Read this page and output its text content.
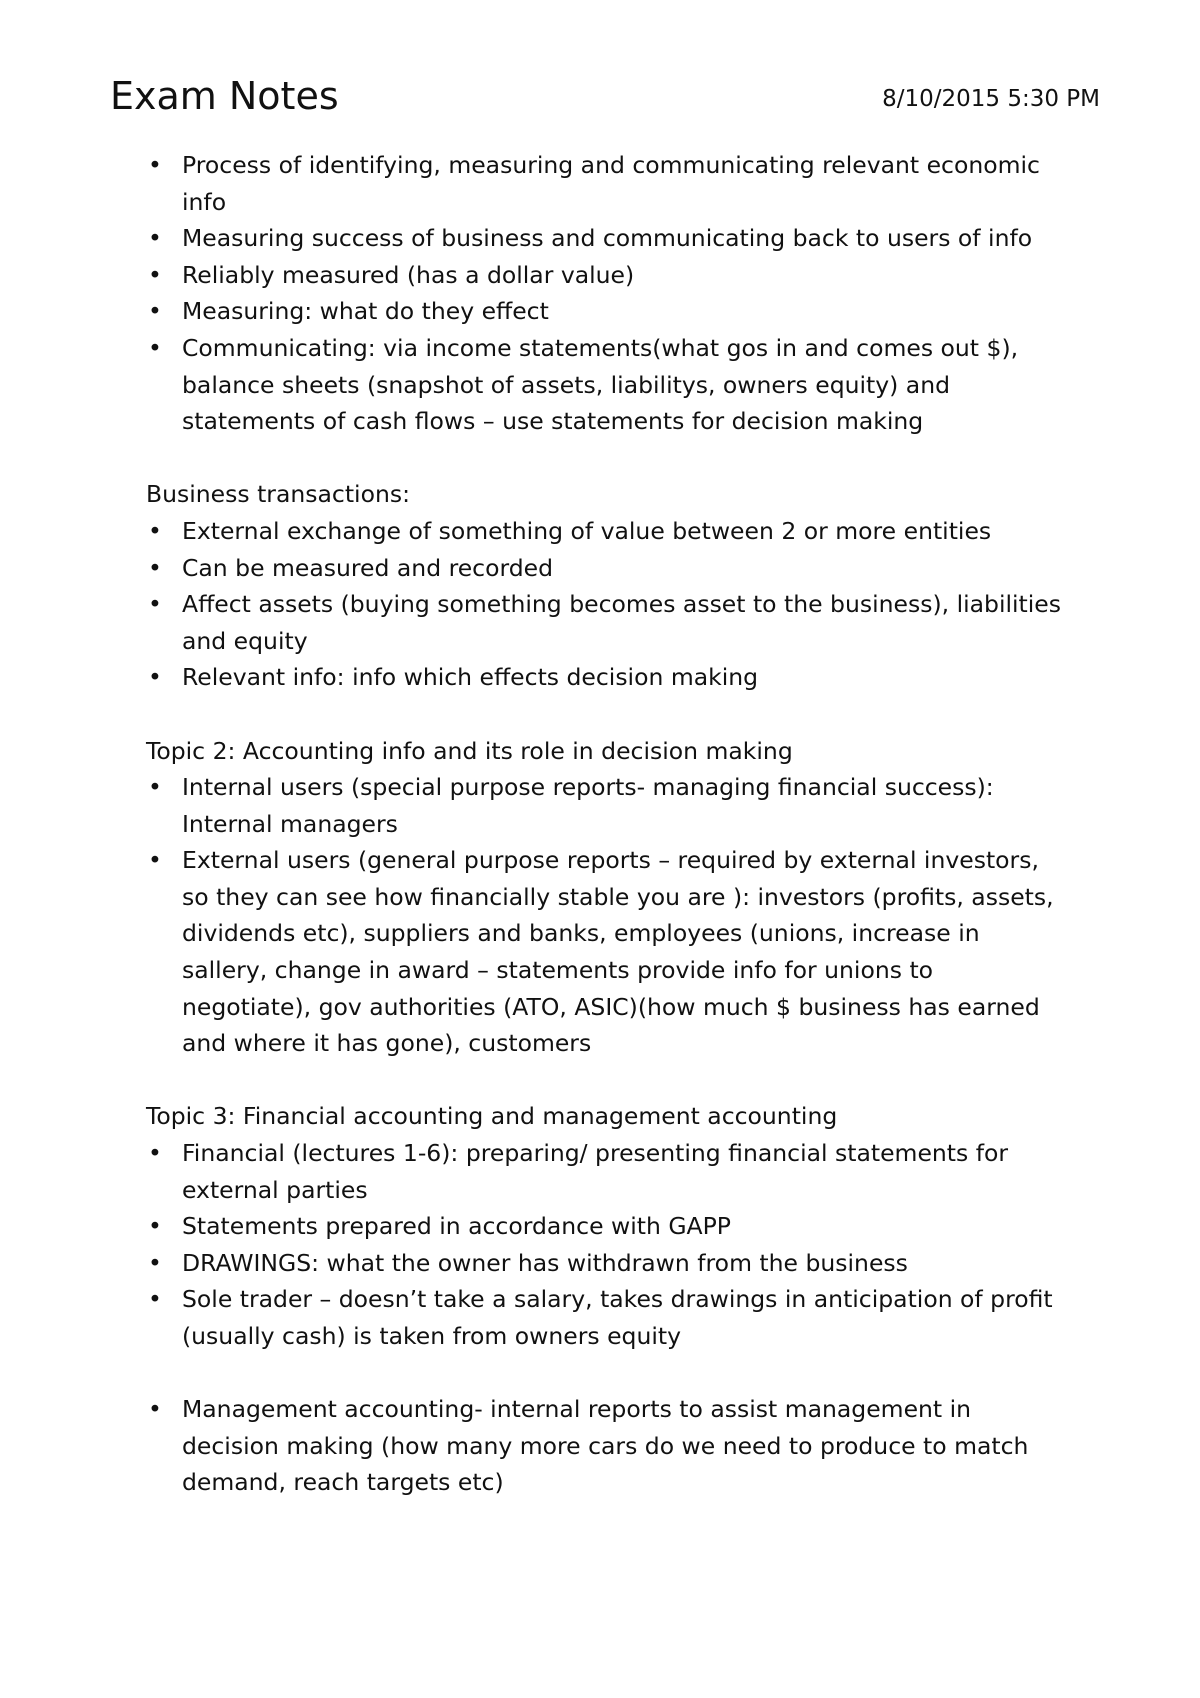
Exam Notes	8/10/2015 5:30 PM
• Process of identifying, measuring and communicating relevant economic info
• Measuring success of business and communicating back to users of info
• Reliably measured (has a dollar value)
• Measuring: what do they effect
• Communicating: via income statements(what gos in and comes out $), balance sheets (snapshot of assets, liabilitys, owners equity) and statements of cash flows – use statements for decision making

Business transactions:

• External exchange of something of value between 2 or more entities
• Can be measured and recorded
• Affect assets (buying something becomes asset to the business), liabilities and equity
• Relevant info: info which effects decision making

Topic 2: Accounting info and its role in decision making

• Internal users (special purpose reports- managing financial success): Internal managers
• External users (general purpose reports – required by external investors, so they can see how financially stable you are ): investors (profits, assets, dividends etc), suppliers and banks, employees (unions, increase in sallery, change in award – statements provide info for unions to negotiate), gov authorities (ATO, ASIC)(how much $ business has earned and where it has gone), customers

Topic 3: Financial accounting and management accounting

• Financial (lectures 1-6): preparing/ presenting financial statements for external parties
• Statements prepared in accordance with GAPP
• DRAWINGS: what the owner has withdrawn from the business
• Sole trader – doesn’t take a salary, takes drawings in anticipation of profit (usually cash) is taken from owners equity
• Management accounting- internal reports to assist management in decision making (how many more cars do we need to produce to match demand, reach targets etc)
